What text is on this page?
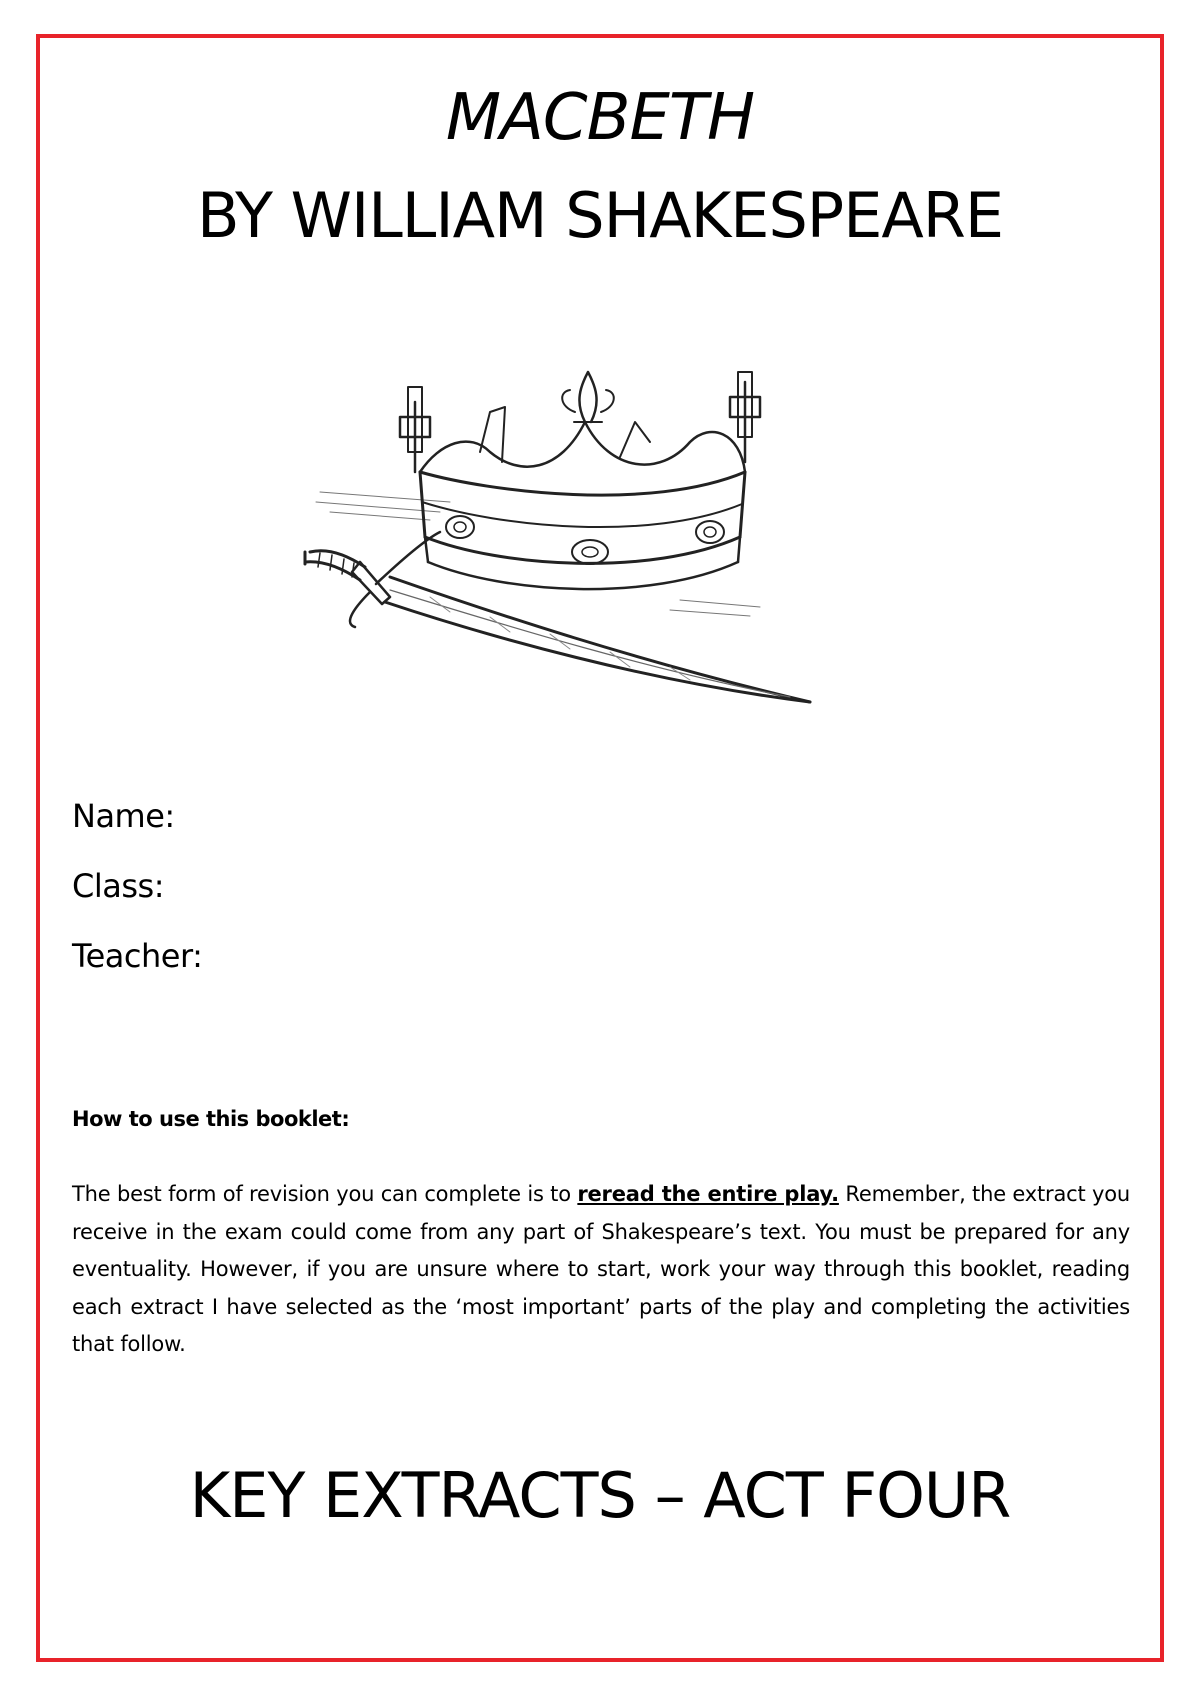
MACBETH
BY WILLIAM SHAKESPEARE
Name:
Class:
Teacher:
How to use this booklet:

The best form of revision you can complete is to reread the entire play. Remember, the extract you receive in the exam could come from any part of Shakespeare’s text. You must be prepared for any eventuality. However, if you are unsure where to start, work your way through this booklet, reading each extract I have selected as the ‘most important’ parts of the play and completing the activities that follow.

KEY EXTRACTS – ACT FOUR
